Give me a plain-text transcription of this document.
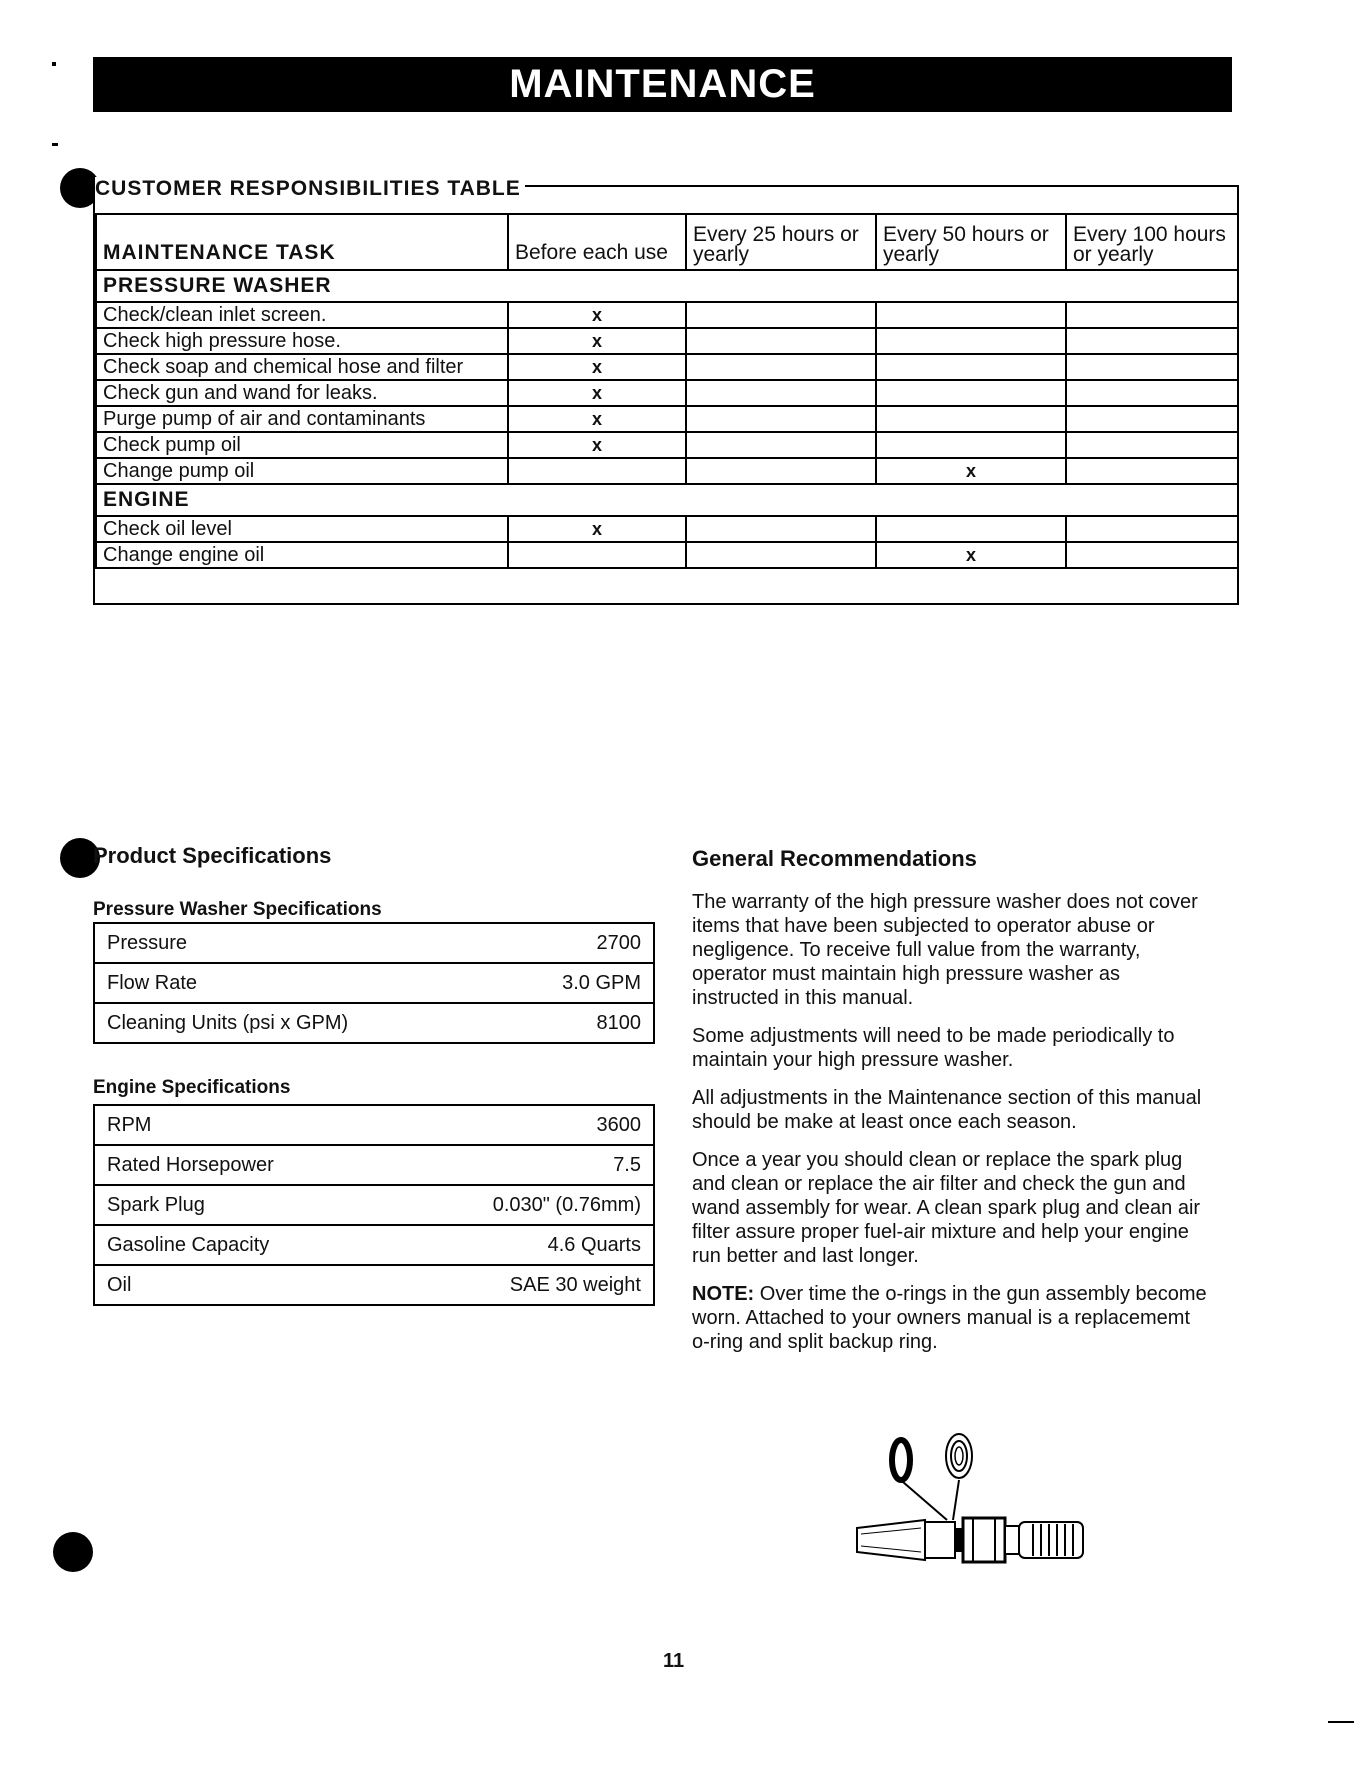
MAINTENANCE
CUSTOMER RESPONSIBILITIES TABLE
MAINTENANCE TASK	Before each use	Every 25 hours or yearly	Every 50 hours or yearly	Every 100 hours or yearly
PRESSURE WASHER				
Check/clean inlet screen.	x			
Check high pressure hose.	x			
Check soap and chemical hose and filter	x			
Check gun and wand for leaks.	x			
Purge pump of air and contaminants	x			
Check pump oil	x			
Change pump oil			x	
ENGINE				
Check oil level	x			
Change engine oil			x	
Product Specifications
Pressure Washer Specifications
Pressure	2700
Flow Rate	3.0 GPM
Cleaning Units (psi x GPM)	8100
Engine Specifications
RPM	3600
Rated Horsepower	7.5
Spark Plug	0.030" (0.76mm)
Gasoline Capacity	4.6 Quarts
Oil	SAE 30 weight
General Recommendations

The warranty of the high pressure washer does not cover items that have been subjected to operator abuse or negligence. To receive full value from the warranty, operator must maintain high pressure washer as instructed in this manual.

Some adjustments will need to be made periodically to maintain your high pressure washer.

All adjustments in the Maintenance section of this manual should be make at least once each season.

Once a year you should clean or replace the spark plug and clean or replace the air filter and check the gun and wand assembly for wear. A clean spark plug and clean air filter assure proper fuel-air mixture and help your engine run better and last longer.

NOTE: Over time the o-rings in the gun assembly become worn. Attached to your owners manual is a replacememt o-ring and split backup ring.

11
